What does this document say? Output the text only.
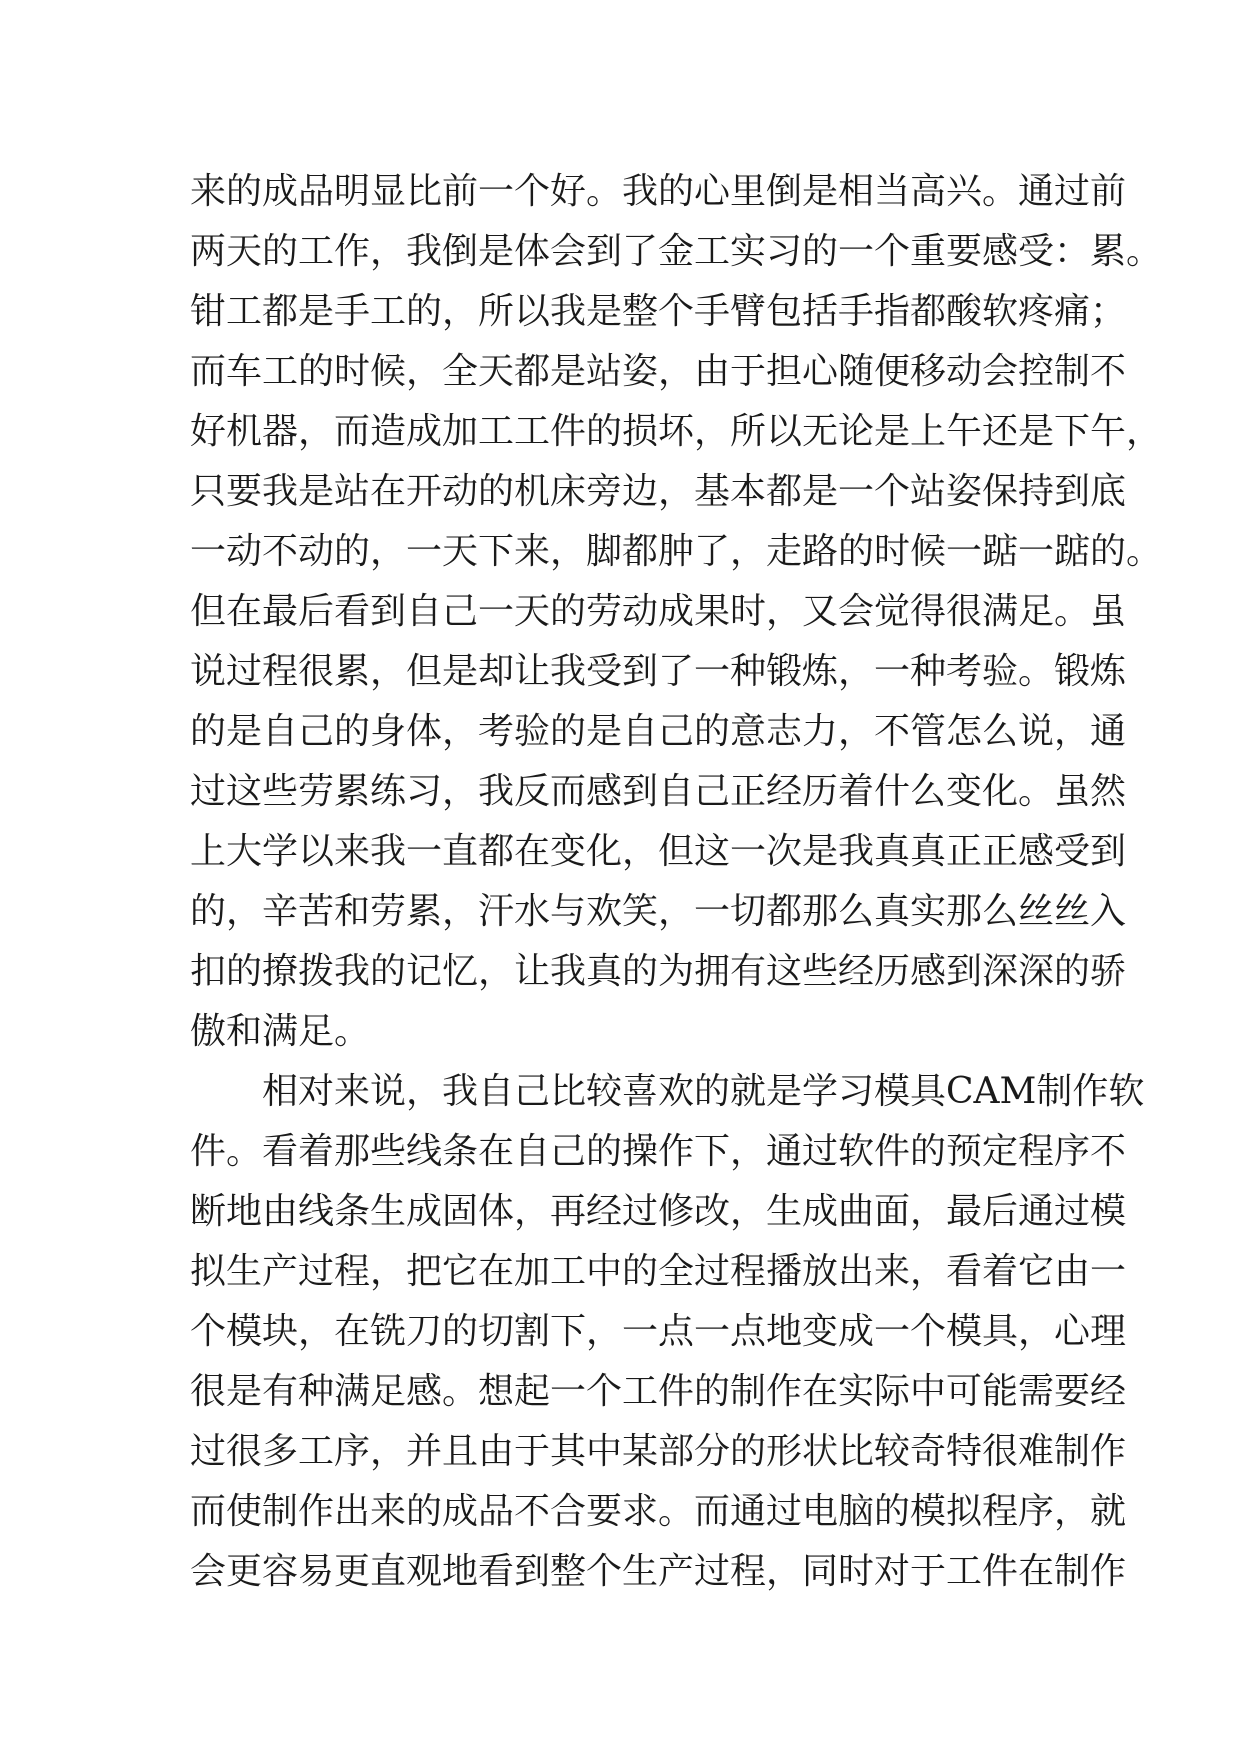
来的成品明显比前一个好。我的心里倒是相当高兴。通过前
两天的工作，我倒是体会到了金工实习的一个重要感受：累。
钳工都是手工的，所以我是整个手臂包括手指都酸软疼痛；
而车工的时候，全天都是站姿，由于担心随便移动会控制不
好机器，而造成加工工件的损坏，所以无论是上午还是下午，
只要我是站在开动的机床旁边，基本都是一个站姿保持到底
一动不动的，一天下来，脚都肿了，走路的时候一踮一踮的。
但在最后看到自己一天的劳动成果时，又会觉得很满足。虽
说过程很累，但是却让我受到了一种锻炼，一种考验。锻炼
的是自己的身体，考验的是自己的意志力，不管怎么说，通
过这些劳累练习，我反而感到自己正经历着什么变化。虽然
上大学以来我一直都在变化，但这一次是我真真正正感受到
的，辛苦和劳累，汗水与欢笑，一切都那么真实那么丝丝入
扣的撩拨我的记忆，让我真的为拥有这些经历感到深深的骄
傲和满足。
相对来说，我自己比较喜欢的就是学习模具CAM制作软
件。看着那些线条在自己的操作下，通过软件的预定程序不
断地由线条生成固体，再经过修改，生成曲面，最后通过模
拟生产过程，把它在加工中的全过程播放出来，看着它由一
个模块，在铣刀的切割下，一点一点地变成一个模具，心理
很是有种满足感。想起一个工件的制作在实际中可能需要经
过很多工序，并且由于其中某部分的形状比较奇特很难制作
而使制作出来的成品不合要求。而通过电脑的模拟程序，就
会更容易更直观地看到整个生产过程，同时对于工件在制作
